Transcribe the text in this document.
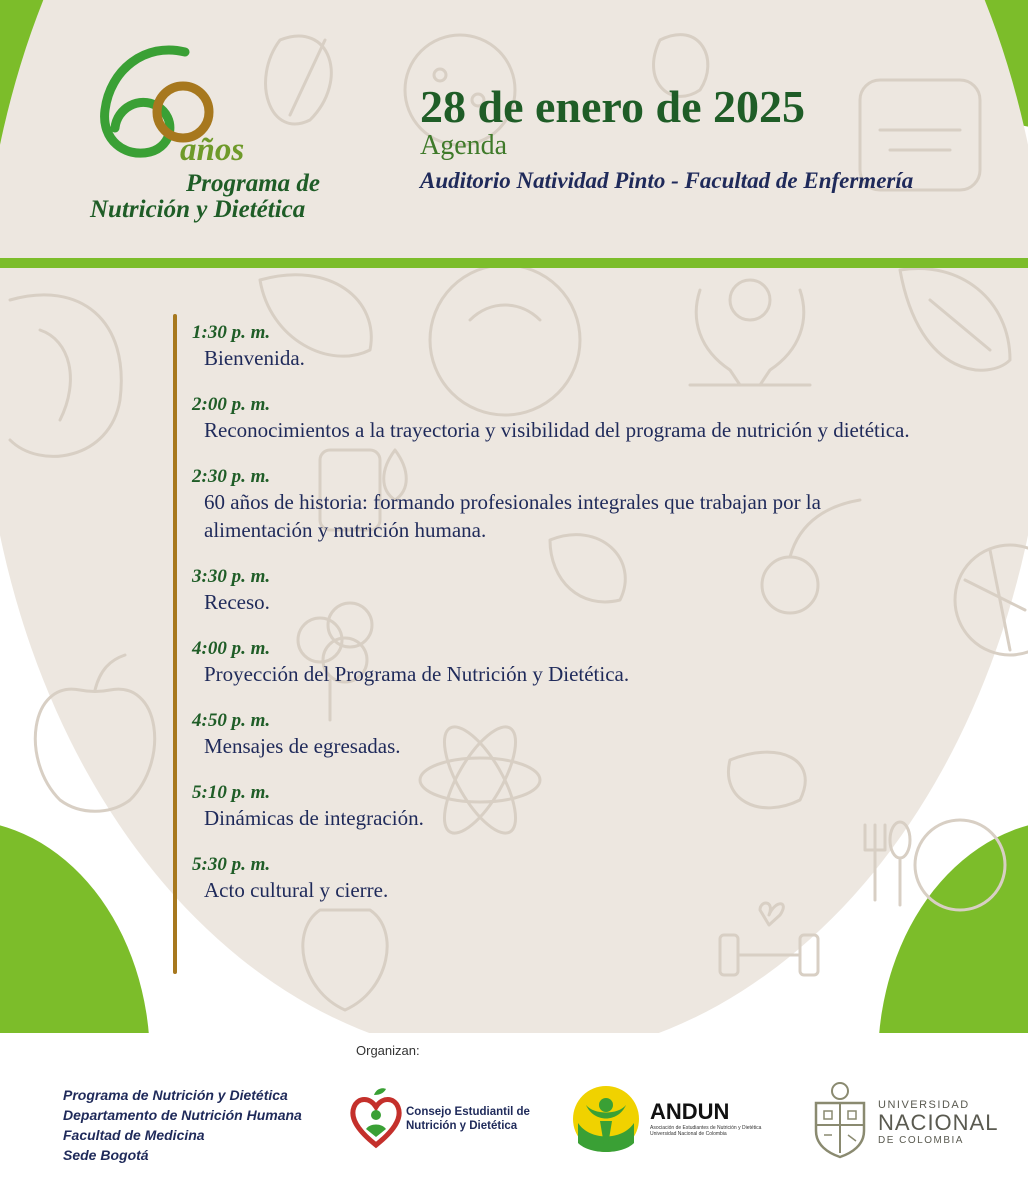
años
Programa de
Nutrición y Dietética
28 de enero de 2025
Agenda
Auditorio Natividad Pinto - Facultad de Enfermería
1:30 p. m.
Bienvenida.
2:00 p. m.
Reconocimientos a la trayectoria y visibilidad del programa de nutrición y dietética.
2:30 p. m.
60 años de historia: formando profesionales integrales que trabajan por la alimentación y nutrición humana.
3:30 p. m.
Receso.
4:00 p. m.
Proyección del Programa de Nutrición y Dietética.
4:50 p. m.
Mensajes de egresadas.
5:10 p. m.
Dinámicas de integración.
5:30 p. m.
Acto cultural y cierre.
Organizan:
Programa de Nutrición y Dietética
Departamento de Nutrición Humana
Facultad de Medicina
Sede Bogotá
Consejo Estudiantil de
Nutrición y Dietética
ANDUN
Asociación de Estudiantes de Nutrición y Dietética
Universidad Nacional de Colombia
UNIVERSIDAD
NACIONAL
DE COLOMBIA
